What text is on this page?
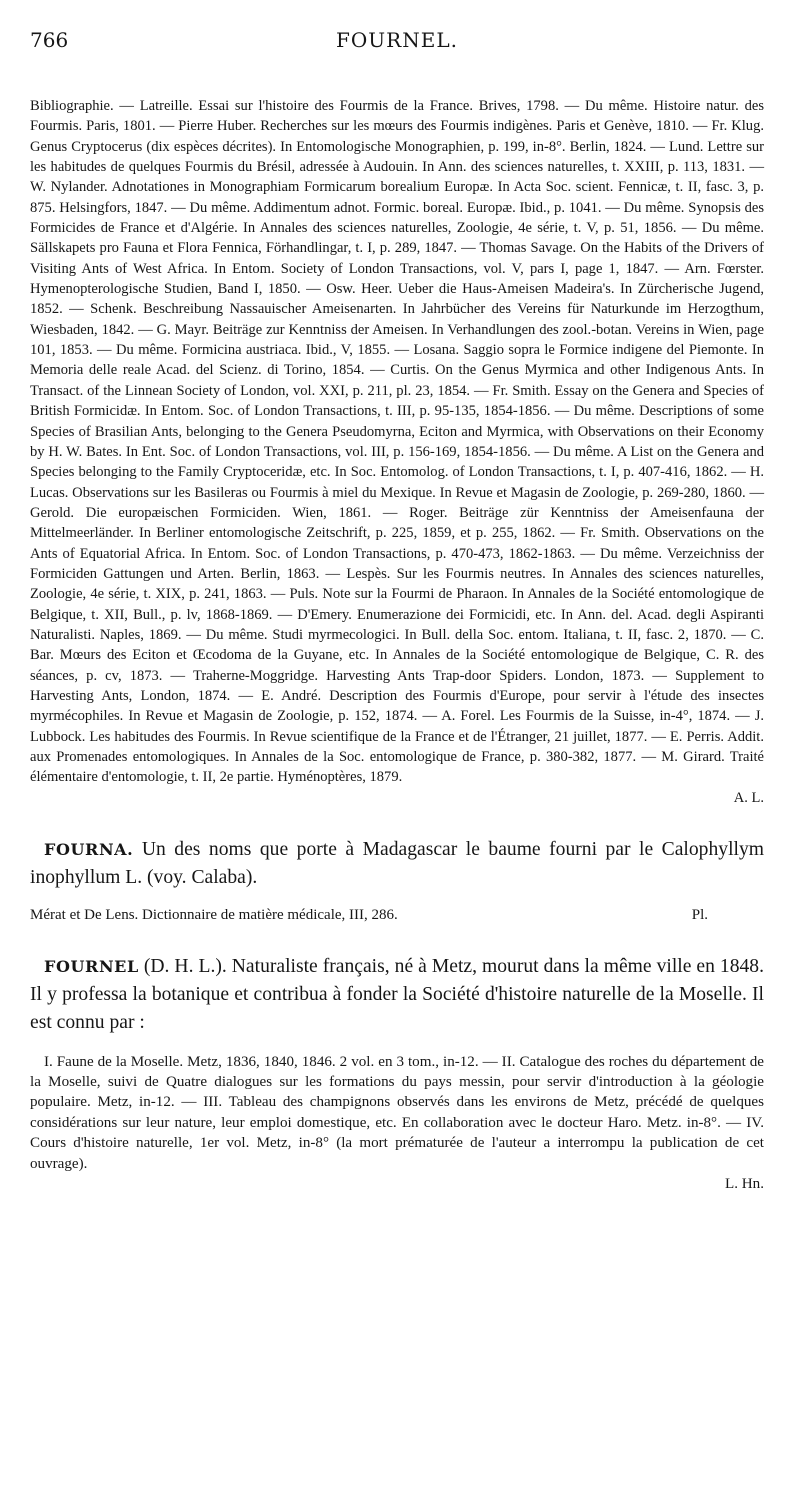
766	FOURNEL.

Bibliographie. — Latreille. Essai sur l'histoire des Fourmis de la France. Brives, 1798. — Du même. Histoire natur. des Fourmis. Paris, 1801. — Pierre Huber. Recherches sur les mœurs des Fourmis indigènes. Paris et Genève, 1810. — Fr. Klug. Genus Cryptocerus (dix espèces décrites). In Entomologische Monographien, p. 199, in-8°. Berlin, 1824. — Lund. Lettre sur les habitudes de quelques Fourmis du Brésil, adressée à Audouin. In Ann. des sciences naturelles, t. XXIII, p. 113, 1831. — W. Nylander. Adnotationes in Monographiam Formicarum borealium Europæ. In Acta Soc. scient. Fennicæ, t. II, fasc. 3, p. 875. Helsingfors, 1847. — Du même. Addimentum adnot. Formic. boreal. Europæ. Ibid., p. 1041. — Du même. Synopsis des Formicides de France et d'Algérie. In Annales des sciences naturelles, Zoologie, 4e série, t. V, p. 51, 1856. — Du même. Sällskapets pro Fauna et Flora Fennica, Förhandlingar, t. I, p. 289, 1847. — Thomas Savage. On the Habits of the Drivers of Visiting Ants of West Africa. In Entom. Society of London Transactions, vol. V, pars I, page 1, 1847. — Arn. Fœrster. Hymenopterologische Studien, Band I, 1850. — Osw. Heer. Ueber die Haus-Ameisen Madeira's. In Zürcherische Jugend, 1852. — Schenk. Beschreibung Nassauischer Ameisenarten. In Jahrbücher des Vereins für Naturkunde im Herzogthum, Wiesbaden, 1842. — G. Mayr. Beiträge zur Kenntniss der Ameisen. In Verhandlungen des zool.-botan. Vereins in Wien, page 101, 1853. — Du même. Formicina austriaca. Ibid., V, 1855. — Losana. Saggio sopra le Formice indigene del Piemonte. In Memoria delle reale Acad. del Scienz. di Torino, 1854. — Curtis. On the Genus Myrmica and other Indigenous Ants. In Transact. of the Linnean Society of London, vol. XXI, p. 211, pl. 23, 1854. — Fr. Smith. Essay on the Genera and Species of British Formicidæ. In Entom. Soc. of London Transactions, t. III, p. 95-135, 1854-1856. — Du même. Descriptions of some Species of Brasilian Ants, belonging to the Genera Pseudomyrna, Eciton and Myrmica, with Observations on their Economy by H. W. Bates. In Ent. Soc. of London Transactions, vol. III, p. 156-169, 1854-1856. — Du même. A List on the Genera and Species belonging to the Family Cryptoceridæ, etc. In Soc. Entomolog. of London Transactions, t. I, p. 407-416, 1862. — H. Lucas. Observations sur les Basileras ou Fourmis à miel du Mexique. In Revue et Magasin de Zoologie, p. 269-280, 1860. — Gerold. Die europæischen Formiciden. Wien, 1861. — Roger. Beiträge zür Kenntniss der Ameisenfauna der Mittelmeerländer. In Berliner entomologische Zeitschrift, p. 225, 1859, et p. 255, 1862. — Fr. Smith. Observations on the Ants of Equatorial Africa. In Entom. Soc. of London Transactions, p. 470-473, 1862-1863. — Du même. Verzeichniss der Formiciden Gattungen und Arten. Berlin, 1863. — Lespès. Sur les Fourmis neutres. In Annales des sciences naturelles, Zoologie, 4e série, t. XIX, p. 241, 1863. — Puls. Note sur la Fourmi de Pharaon. In Annales de la Société entomologique de Belgique, t. XII, Bull., p. lv, 1868-1869. — D'Emery. Enumerazione dei Formicidi, etc. In Ann. del. Acad. degli Aspiranti Naturalisti. Naples, 1869. — Du même. Studi myrmecologici. In Bull. della Soc. entom. Italiana, t. II, fasc. 2, 1870. — C. Bar. Mœurs des Eciton et Œcodoma de la Guyane, etc. In Annales de la Société entomologique de Belgique, C. R. des séances, p. cv, 1873. — Traherne-Moggridge. Harvesting Ants Trap-door Spiders. London, 1873. — Supplement to Harvesting Ants, London, 1874. — E. André. Description des Fourmis d'Europe, pour servir à l'étude des insectes myrmécophiles. In Revue et Magasin de Zoologie, p. 152, 1874. — A. Forel. Les Fourmis de la Suisse, in-4°, 1874. — J. Lubbock. Les habitudes des Fourmis. In Revue scientifique de la France et de l'Étranger, 21 juillet, 1877. — E. Perris. Addit. aux Promenades entomologiques. In Annales de la Soc. entomologique de France, p. 380-382, 1877. — M. Girard. Traité élémentaire d'entomologie, t. II, 2e partie. Hyménoptères, 1879.
A. L.

FOURNA. Un des noms que porte à Madagascar le baume fourni par le Calophyllym inophyllum L. (voy. Calaba).

Mérat et De Lens. Dictionnaire de matière médicale, III, 286.	Pl.

FOURNEL (D. H. L.). Naturaliste français, né à Metz, mourut dans la même ville en 1848. Il y professa la botanique et contribua à fonder la Société d'histoire naturelle de la Moselle. Il est connu par :

I. Faune de la Moselle. Metz, 1836, 1840, 1846. 2 vol. en 3 tom., in-12. — II. Catalogue des roches du département de la Moselle, suivi de Quatre dialogues sur les formations du pays messin, pour servir d'introduction à la géologie populaire. Metz, in-12. — III. Tableau des champignons observés dans les environs de Metz, précédé de quelques considérations sur leur nature, leur emploi domestique, etc. En collaboration avec le docteur Haro. Metz. in-8°. — IV. Cours d'histoire naturelle, 1er vol. Metz, in-8° (la mort prématurée de l'auteur a interrompu la publication de cet ouvrage).
L. Hn.
